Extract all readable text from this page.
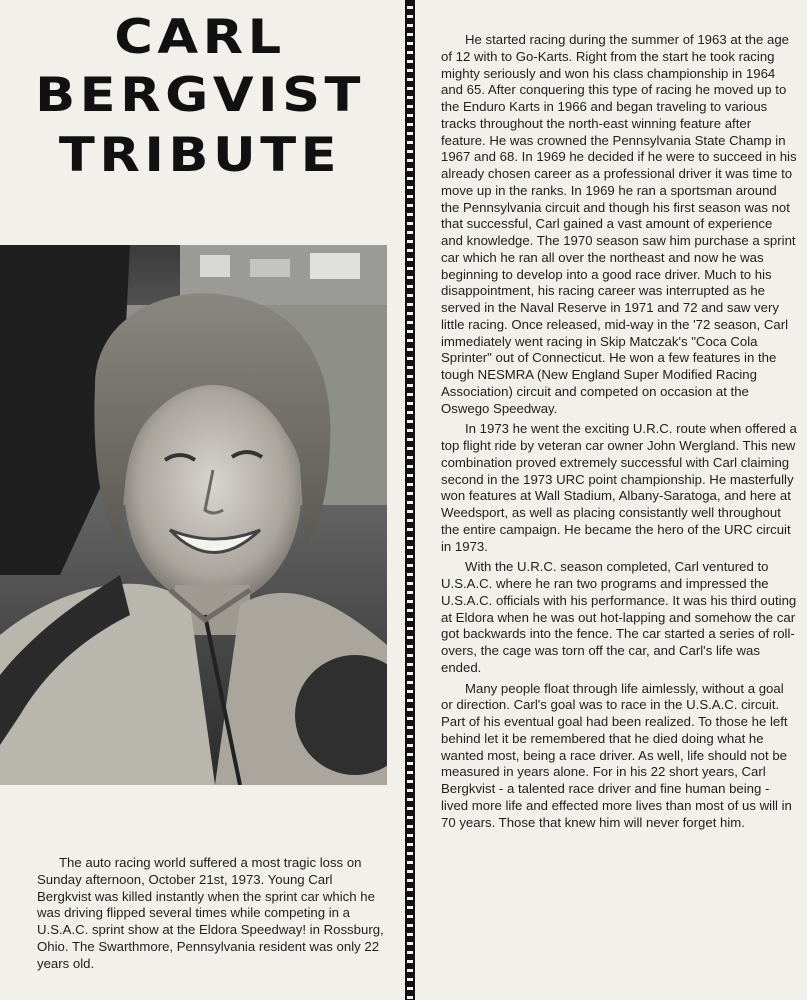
CARL
BERGVIST
TRIBUTE

The auto racing world suffered a most tragic loss on Sunday afternoon, October 21st, 1973. Young Carl Bergkvist was killed instantly when the sprint car which he was driving flipped several times while competing in a U.S.A.C. sprint show at the Eldora Speedway! in Rossburg, Ohio. The Swarthmore, Pennsylvania resident was only 22 years old.

He started racing during the summer of 1963 at the age of 12 with to Go-Karts. Right from the start he took racing mighty seriously and won his class championship in 1964 and 65. After conquering this type of racing he moved up to the Enduro Karts in 1966 and began traveling to various tracks throughout the north-east winning feature after feature. He was crowned the Pennsylvania State Champ in 1967 and 68. In 1969 he decided if he were to succeed in his already chosen career as a professional driver it was time to move up in the ranks. In 1969 he ran a sportsman around the Pennsylvania circuit and though his first season was not that successful, Carl gained a vast amount of experience and knowledge. The 1970 season saw him purchase a sprint car which he ran all over the northeast and now he was beginning to develop into a good race driver. Much to his disappointment, his racing career was interrupted as he served in the Naval Reserve in 1971 and 72 and saw very little racing. Once released, mid-way in the '72 season, Carl immediately went racing in Skip Matczak's "Coca Cola Sprinter" out of Connecticut. He won a few features in the tough NESMRA (New England Super Modified Racing Association) circuit and competed on occasion at the Oswego Speedway.

In 1973 he went the exciting U.R.C. route when offered a top flight ride by veteran car owner John Wergland. This new combination proved extremely successful with Carl claiming second in the 1973 URC point championship. He masterfully won features at Wall Stadium, Albany-Saratoga, and here at Weedsport, as well as placing consistantly well throughout the entire campaign. He became the hero of the URC circuit in 1973.

With the U.R.C. season completed, Carl ventured to U.S.A.C. where he ran two programs and impressed the U.S.A.C. officials with his performance. It was his third outing at Eldora when he was out hot-lapping and somehow the car got backwards into the fence. The car started a series of roll-overs, the cage was torn off the car, and Carl's life was ended.

Many people float through life aimlessly, without a goal or direction. Carl's goal was to race in the U.S.A.C. circuit. Part of his eventual goal had been realized. To those he left behind let it be remembered that he died doing what he wanted most, being a race driver. As well, life should not be measured in years alone. For in his 22 short years, Carl Bergkvist - a talented race driver and fine human being - lived more life and effected more lives than most of us will in 70 years. Those that knew him will never forget him.
